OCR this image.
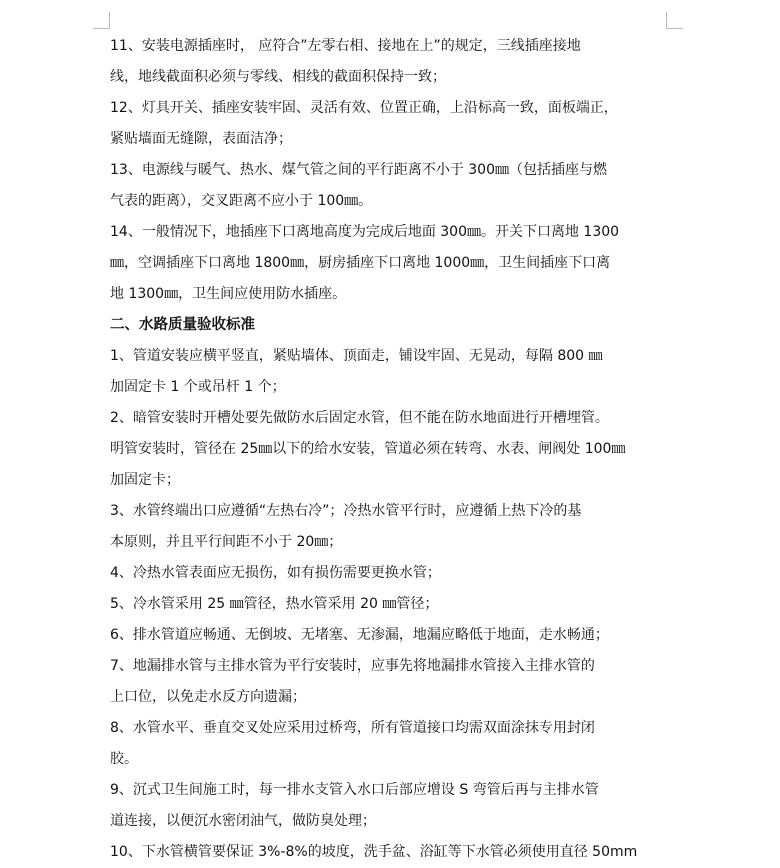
11、安装电源插座时， 应符合”左零右相、接地在上”的规定，三线插座接地
线，地线截面积必须与零线、相线的截面积保持一致；
12、灯具开关、插座安装牢固、灵活有效、位置正确，上沿标高一致，面板端正，
紧贴墙面无缝隙，表面洁净；
13、电源线与暖气、热水、煤气管之间的平行距离不小于 300㎜（包括插座与燃
气表的距离），交叉距离不应小于 100㎜。
14、一般情况下，地插座下口离地高度为完成后地面 300㎜。开关下口离地 1300
㎜，空调插座下口离地 1800㎜，厨房插座下口离地 1000㎜，卫生间插座下口离
地 1300㎜，卫生间应使用防水插座。
二、水路质量验收标准
1、管道安装应横平竖直，紧贴墙体、顶面走，铺设牢固、无晃动，每隔 800 ㎜
加固定卡 1 个或吊杆 1 个；
2、暗管安装时开槽处要先做防水后固定水管，但不能在防水地面进行开槽埋管。
明管安装时，管径在 25㎜以下的给水安装，管道必须在转弯、水表、闸阀处 100㎜
加固定卡；
3、水管终端出口应遵循“左热右冷”；冷热水管平行时，应遵循上热下冷的基
本原则，并且平行间距不小于 20㎜；
4、冷热水管表面应无损伤，如有损伤需要更换水管；
5、冷水管采用 25 ㎜管径，热水管采用 20 ㎜管径；
6、排水管道应畅通、无倒坡、无堵塞、无渗漏，地漏应略低于地面，走水畅通；
7、地漏排水管与主排水管为平行安装时，应事先将地漏排水管接入主排水管的
上口位，以免走水反方向遗漏；
8、水管水平、垂直交叉处应采用过桥弯，所有管道接口均需双面涂抹专用封闭
胶。
9、沉式卫生间施工时，每一排水支管入水口后部应增设 S 弯管后再与主排水管
道连接，以便沉水密闭油气，做防臭处理；
10、下水管横管要保证 3%-8%的坡度，洗手盆、浴缸等下水管必须使用直径 50mm
